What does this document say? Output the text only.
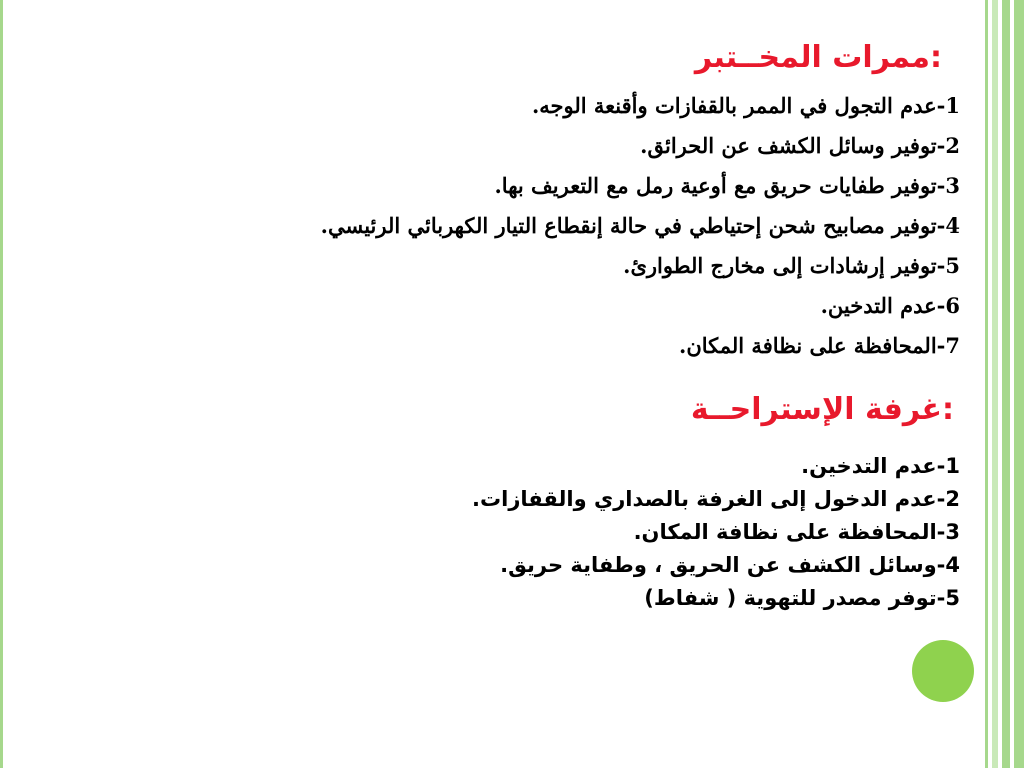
ممرات المخــتبر:
1-عدم التجول في الممر بالقفازات وأقنعة الوجه.
2-توفير وسائل الكشف عن الحرائق.
3-توفير طفايات حريق مع أوعية رمل مع التعريف بها.
4-توفير مصابيح شحن إحتياطي في حالة إنقطاع التيار الكهربائي الرئيسي.
5-توفير إرشادات إلى مخارج الطوارئ.
6-عدم التدخين.
7-المحافظة على نظافة المكان.
غرفة الإستراحــة:
1-عدم التدخين.
2-عدم الدخول إلى الغرفة بالصداري والقفازات.
3-المحافظة على نظافة المكان.
4-وسائل الكشف عن الحريق ، وطفاية حريق.
5-توفر مصدر للتهوية ( شفاط)
